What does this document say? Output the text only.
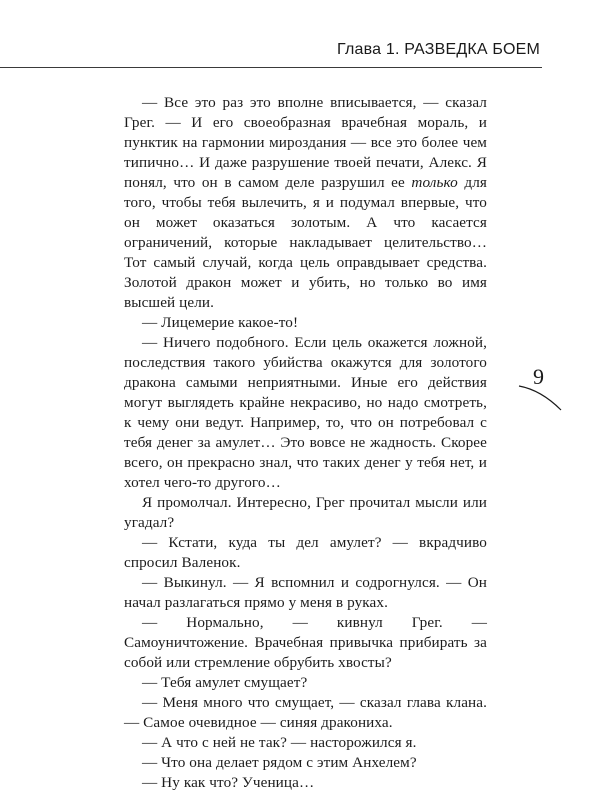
Глава 1. РАЗВЕДКА БОЕМ

— Все это раз это вполне вписывается, — сказал Грег. — И его своеобразная врачебная мораль, и пунктик на гармонии мироздания — все это более чем типично… И даже разрушение твоей печати, Алекс. Я понял, что он в самом деле разрушил ее только для того, чтобы тебя вылечить, я и подумал впервые, что он может оказаться золотым. А что касается ограничений, которые накладывает целительство… Тот самый случай, когда цель оправдывает средства. Золотой дракон может и убить, но только во имя высшей цели.

— Лицемерие какое-то!

— Ничего подобного. Если цель окажется ложной, последствия такого убийства окажутся для золотого дракона самыми неприятными. Иные его действия могут выглядеть крайне некрасиво, но надо смотреть, к чему они ведут. Например, то, что он потребовал с тебя денег за амулет… Это вовсе не жадность. Скорее всего, он прекрасно знал, что таких денег у тебя нет, и хотел чего-то другого…

Я промолчал. Интересно, Грег прочитал мысли или угадал?

— Кстати, куда ты дел амулет? — вкрадчиво спросил Валенок.

— Выкинул. — Я вспомнил и содрогнулся. — Он начал разлагаться прямо у меня в руках.

— Нормально, — кивнул Грег. — Самоуничтожение. Врачебная привычка прибирать за собой или стремление обрубить хвосты?

— Тебя амулет смущает?

— Меня много что смущает, — сказал глава клана. — Самое очевидное — синяя дракониха.

— А что с ней не так? — насторожился я.

— Что она делает рядом с этим Анхелем?

— Ну как что? Ученица…

9
